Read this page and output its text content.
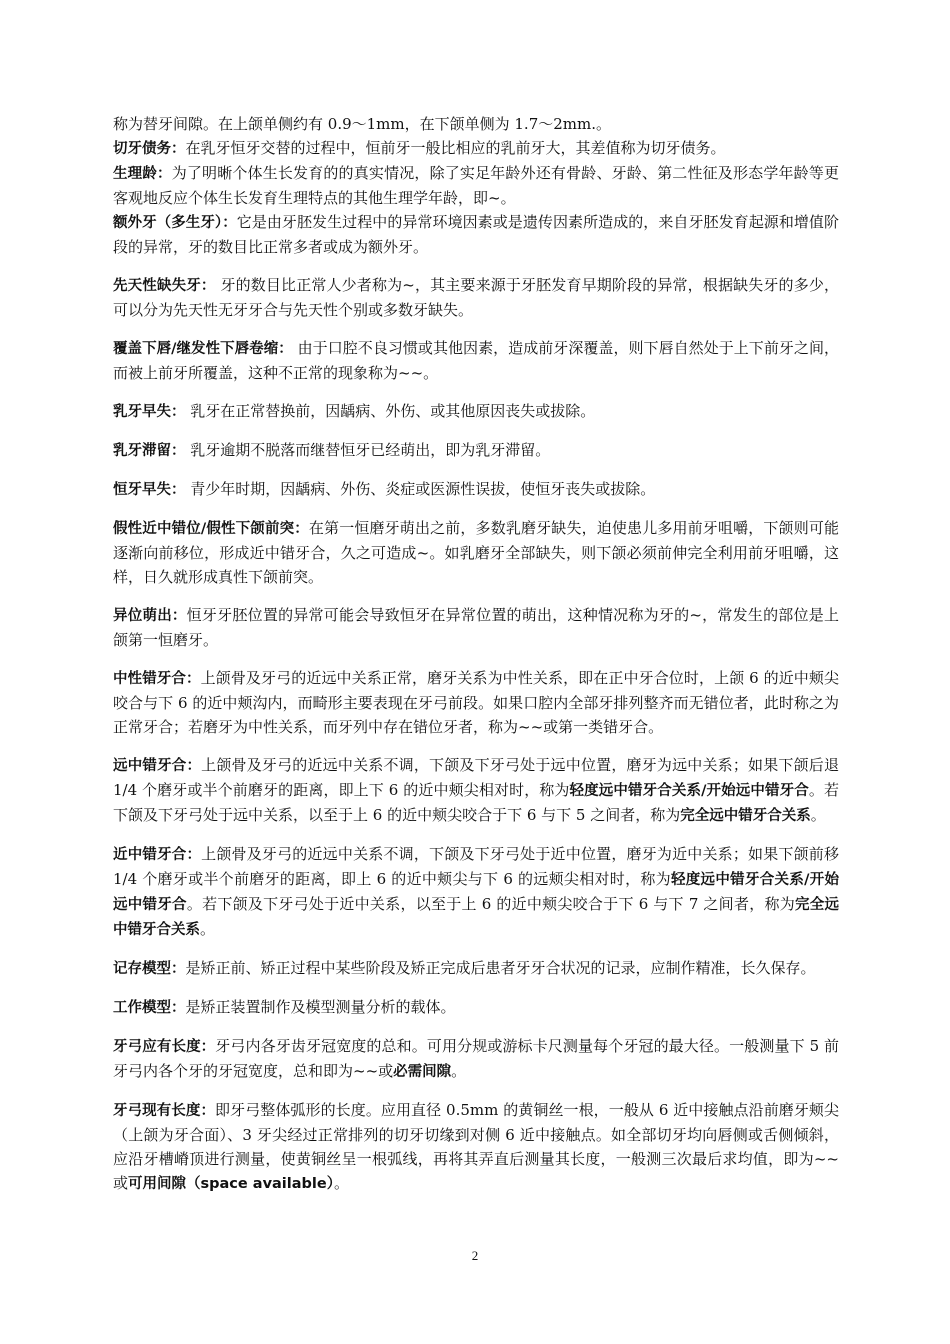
称为替牙间隙。在上颌单侧约有 0.9～1mm，在下颌单侧为 1.7～2mm.。

切牙债务：在乳牙恒牙交替的过程中，恒前牙一般比相应的乳前牙大，其差值称为切牙债务。

生理龄：为了明晰个体生长发育的的真实情况，除了实足年龄外还有骨龄、牙龄、第二性征及形态学年龄等更客观地反应个体生长发育生理特点的其他生理学年龄，即~。

额外牙（多生牙）：它是由牙胚发生过程中的异常环境因素或是遗传因素所造成的，来自牙胚发育起源和增值阶段的异常，牙的数目比正常多者或成为额外牙。

先天性缺失牙： 牙的数目比正常人少者称为~，其主要来源于牙胚发育早期阶段的异常，根据缺失牙的多少，可以分为先天性无牙牙合与先天性个别或多数牙缺失。

覆盖下唇/继发性下唇卷缩： 由于口腔不良习惯或其他因素，造成前牙深覆盖，则下唇自然处于上下前牙之间，而被上前牙所覆盖，这种不正常的现象称为~~。

乳牙早失： 乳牙在正常替换前，因龋病、外伤、或其他原因丧失或拔除。

乳牙滞留： 乳牙逾期不脱落而继替恒牙已经萌出，即为乳牙滞留。

恒牙早失： 青少年时期，因龋病、外伤、炎症或医源性误拔，使恒牙丧失或拔除。

假性近中错位/假性下颌前突：在第一恒磨牙萌出之前，多数乳磨牙缺失，迫使患儿多用前牙咀嚼，下颌则可能逐渐向前移位，形成近中错牙合，久之可造成~。如乳磨牙全部缺失，则下颌必须前伸完全利用前牙咀嚼，这样，日久就形成真性下颌前突。

异位萌出：恒牙牙胚位置的异常可能会导致恒牙在异常位置的萌出，这种情况称为牙的~，常发生的部位是上颌第一恒磨牙。

中性错牙合：上颌骨及牙弓的近远中关系正常，磨牙关系为中性关系，即在正中牙合位时，上颌 6 的近中颊尖咬合与下 6 的近中颊沟内，而畸形主要表现在牙弓前段。如果口腔内全部牙排列整齐而无错位者，此时称之为正常牙合；若磨牙为中性关系，而牙列中存在错位牙者，称为~~或第一类错牙合。

远中错牙合：上颌骨及牙弓的近远中关系不调，下颌及下牙弓处于远中位置，磨牙为远中关系；如果下颌后退 1/4 个磨牙或半个前磨牙的距离，即上下 6 的近中颊尖相对时，称为轻度远中错牙合关系/开始远中错牙合。若下颌及下牙弓处于远中关系，以至于上 6 的近中颊尖咬合于下 6 与下 5 之间者，称为完全远中错牙合关系。

近中错牙合：上颌骨及牙弓的近远中关系不调，下颌及下牙弓处于近中位置，磨牙为近中关系；如果下颌前移 1/4 个磨牙或半个前磨牙的距离，即上 6 的近中颊尖与下 6 的远颊尖相对时，称为轻度远中错牙合关系/开始远中错牙合。若下颌及下牙弓处于近中关系，以至于上 6 的近中颊尖咬合于下 6 与下 7 之间者，称为完全远中错牙合关系。

记存模型：是矫正前、矫正过程中某些阶段及矫正完成后患者牙牙合状况的记录，应制作精准，长久保存。

工作模型：是矫正装置制作及模型测量分析的载体。

牙弓应有长度：牙弓内各牙齿牙冠宽度的总和。可用分规或游标卡尺测量每个牙冠的最大径。一般测量下 5 前牙弓内各个牙的牙冠宽度，总和即为~~或必需间隙。

牙弓现有长度：即牙弓整体弧形的长度。应用直径 0.5mm 的黄铜丝一根，一般从 6 近中接触点沿前磨牙颊尖（上颌为牙合面）、3 牙尖经过正常排列的切牙切缘到对侧 6 近中接触点。如全部切牙均向唇侧或舌侧倾斜，应沿牙槽嵴顶进行测量，使黄铜丝呈一根弧线，再将其弄直后测量其长度，一般测三次最后求均值，即为~~或可用间隙（space available）。

2
